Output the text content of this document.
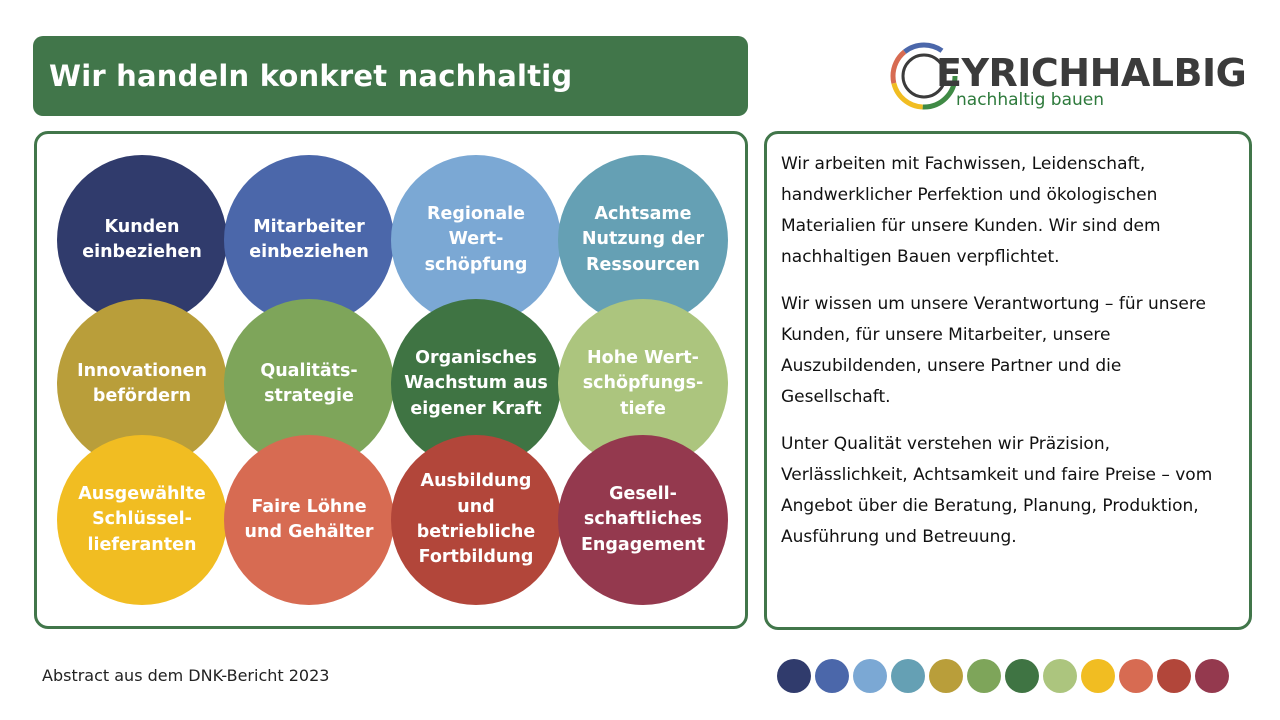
Wir handeln konkret nachhaltig	EYRICHHALBIG
nachhaltig bauen
Kunden
einbeziehen
Mitarbeiter
einbeziehen
Regionale
Wert-
schöpfung
Achtsame
Nutzung der
Ressourcen
Innovationen
befördern
Qualitäts-
strategie
Organisches
Wachstum aus
eigener Kraft
Hohe Wert-
schöpfungs-
tiefe
Ausgewählte
Schlüssel-
lieferanten
Faire Löhne
und Gehälter
Ausbildung
und betriebliche
Fortbildung
Gesell-
schaftliches
Engagement

Wir arbeiten mit Fachwissen, Leidenschaft, handwerklicher Perfektion und ökologischen Materialien für unsere Kunden. Wir sind dem nachhaltigen Bauen verpflichtet.

Wir wissen um unsere Verantwortung – für unsere Kunden, für unsere Mitarbeiter, unsere Auszubildenden, unsere Partner und die Gesellschaft.

Unter Qualität verstehen wir Präzision, Verlässlichkeit, Achtsamkeit und faire Preise – vom Angebot über die Beratung, Planung, Produktion, Ausführung und Betreuung.

Abstract aus dem DNK-Bericht 2023
